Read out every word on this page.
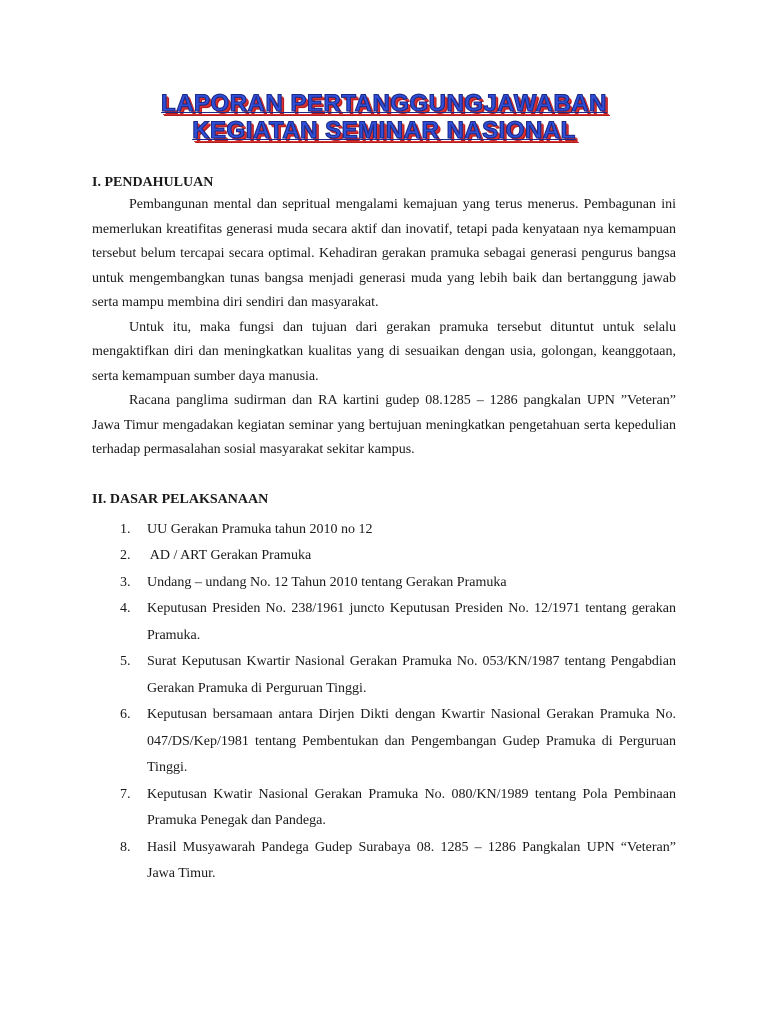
LAPORAN PERTANGGUNGJAWABAN
KEGIATAN SEMINAR NASIONAL

I. PENDAHULUAN

Pembangunan mental dan sepritual mengalami kemajuan yang terus menerus. Pembagunan ini memerlukan kreatifitas generasi muda secara aktif dan inovatif, tetapi pada kenyataan nya kemampuan tersebut belum tercapai secara optimal. Kehadiran gerakan pramuka sebagai generasi pengurus bangsa untuk mengembangkan tunas bangsa menjadi generasi muda yang lebih baik dan bertanggung jawab serta mampu membina diri sendiri dan masyarakat.

Untuk itu, maka fungsi dan tujuan dari gerakan pramuka tersebut dituntut untuk selalu mengaktifkan diri dan meningkatkan kualitas yang di sesuaikan dengan usia, golongan, keanggotaan, serta kemampuan sumber daya manusia.

Racana panglima sudirman dan RA kartini gudep 08.1285 – 1286 pangkalan UPN ”Veteran” Jawa Timur mengadakan kegiatan seminar yang bertujuan meningkatkan pengetahuan serta kepedulian terhadap permasalahan sosial masyarakat sekitar kampus.

II. DASAR PELAKSANAAN

1.	UU Gerakan Pramuka tahun 2010 no 12
2.	AD / ART Gerakan Pramuka
3.	Undang – undang No. 12 Tahun 2010 tentang Gerakan Pramuka
4.	Keputusan Presiden No. 238/1961 juncto Keputusan Presiden No. 12/1971 tentang gerakan Pramuka.
5.	Surat Keputusan Kwartir Nasional Gerakan Pramuka No. 053/KN/1987 tentang Pengabdian Gerakan Pramuka di Perguruan Tinggi.
6.	Keputusan bersamaan antara Dirjen Dikti dengan Kwartir Nasional Gerakan Pramuka No. 047/DS/Kep/1981 tentang Pembentukan dan Pengembangan Gudep Pramuka di Perguruan Tinggi.
7.	Keputusan Kwatir Nasional Gerakan Pramuka No. 080/KN/1989 tentang Pola Pembinaan Pramuka Penegak dan Pandega.
8.	Hasil Musyawarah Pandega Gudep Surabaya 08. 1285 – 1286 Pangkalan UPN “Veteran” Jawa Timur.
